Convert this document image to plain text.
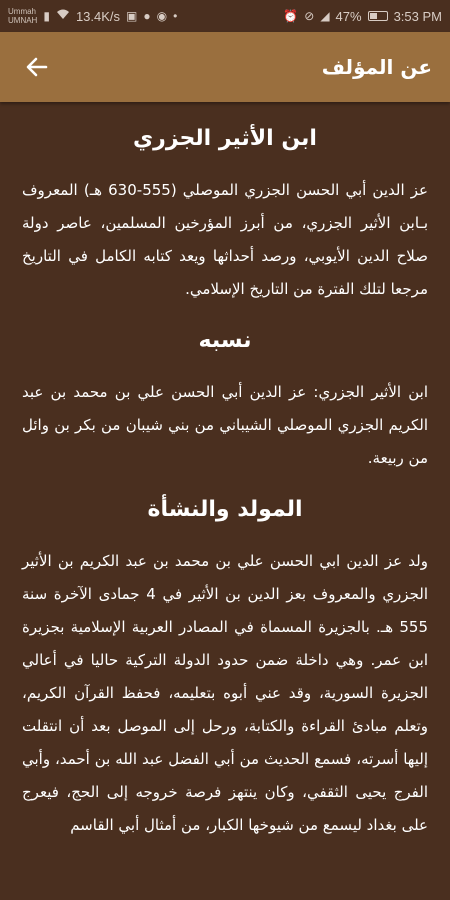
Ummah
UMNAH ▮ 13.4K/s ▣ ● ◉ •	⏰ ⊘ ◢ 47% 3:53 PM
عن المؤلف
ابن الأثير الجزري

عز الدين أبي الحسن الجزري الموصلي (555-630 هـ) المعروف بـابن الأثير الجزري، من أبرز المؤرخين المسلمين، عاصر دولة صلاح الدين الأيوبي، ورصد أحداثها ويعد كتابه الكامل في التاريخ مرجعا لتلك الفترة من التاريخ الإسلامي.

نسبه

ابن الأثير الجزري: عز الدين أبي الحسن علي بن محمد بن عبد الكريم الجزري الموصلي الشيباني من بني شيبان من بكر بن وائل من ربيعة.

المولد والنشأة

ولد عز الدين ابي الحسن علي بن محمد بن عبد الكريم بن الأثير الجزري والمعروف بعز الدين بن الأثير في 4 جمادى الآخرة سنة 555 هـ. بالجزيرة المسماة في المصادر العربية الإسلامية بجزيرة ابن عمر. وهي داخلة ضمن حدود الدولة التركية حاليا في أعالي الجزيرة السورية، وقد عني أبوه بتعليمه، فحفظ القرآن الكريم، وتعلم مبادئ القراءة والكتابة، ورحل إلى الموصل بعد أن انتقلت إليها أسرته، فسمع الحديث من أبي الفضل عبد الله بن أحمد، وأبي الفرج يحيى الثقفي، وكان ينتهز فرصة خروجه إلى الحج، فيعرج على بغداد ليسمع من شيوخها الكبار، من أمثال أبي القاسم
